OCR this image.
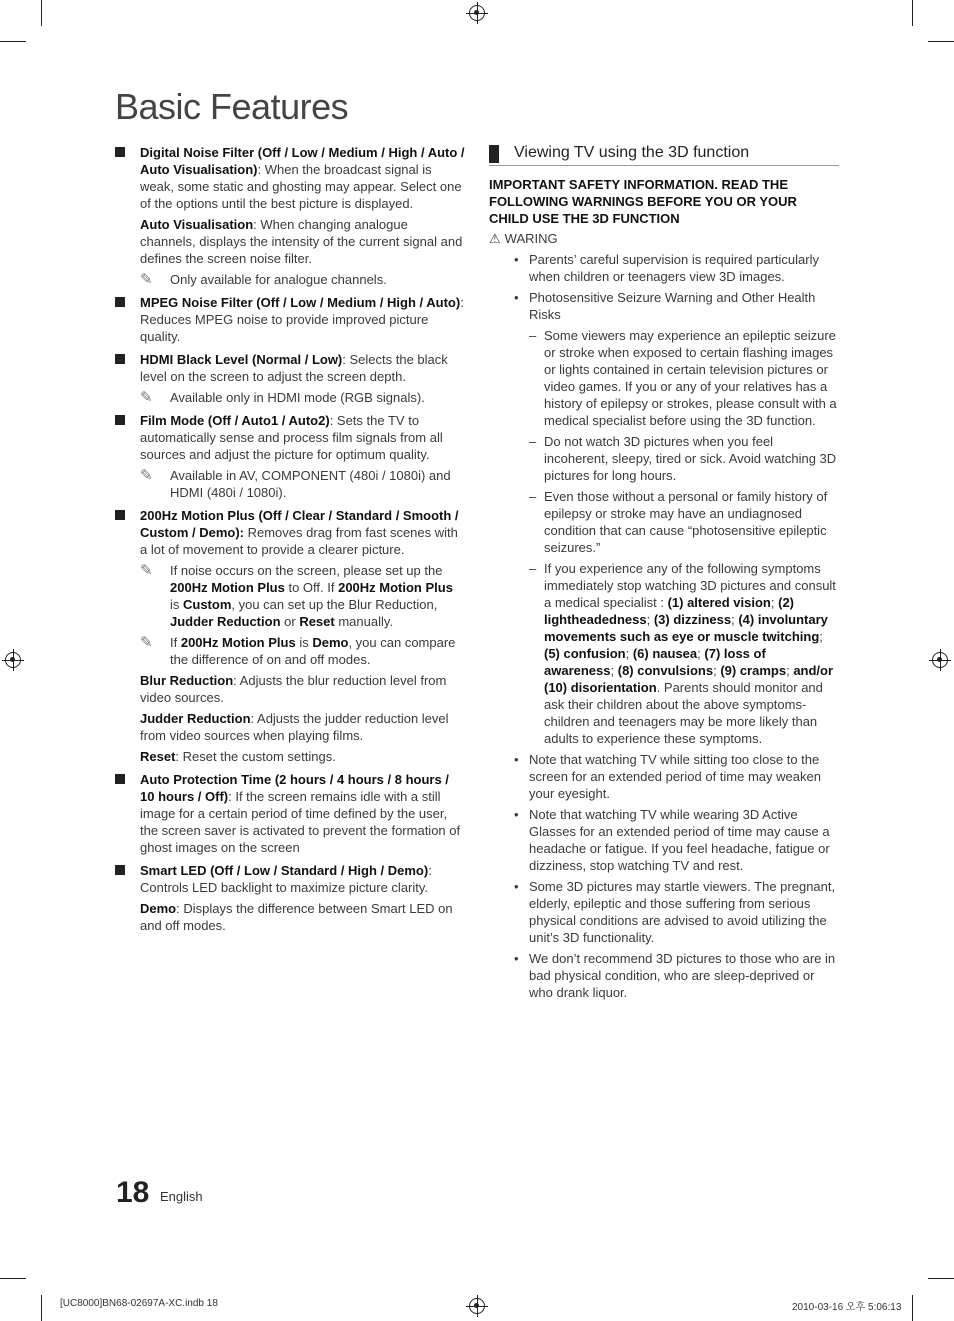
Basic Features

Digital Noise Filter (Off / Low / Medium / High / Auto / Auto Visualisation): When the broadcast signal is weak, some static and ghosting may appear. Select one of the options until the best picture is displayed.

Auto Visualisation: When changing analogue channels, displays the intensity of the current signal and defines the screen noise filter.

✎ Only available for analogue channels.

MPEG Noise Filter (Off / Low / Medium / High / Auto): Reduces MPEG noise to provide improved picture quality.

HDMI Black Level (Normal / Low): Selects the black level on the screen to adjust the screen depth.

✎ Available only in HDMI mode (RGB signals).

Film Mode (Off / Auto1 / Auto2): Sets the TV to automatically sense and process film signals from all sources and adjust the picture for optimum quality.

✎ Available in AV, COMPONENT (480i / 1080i) and HDMI (480i / 1080i).

200Hz Motion Plus (Off / Clear / Standard / Smooth / Custom / Demo): Removes drag from fast scenes with a lot of movement to provide a clearer picture.

✎ If noise occurs on the screen, please set up the 200Hz Motion Plus to Off. If 200Hz Motion Plus is Custom, you can set up the Blur Reduction, Judder Reduction or Reset manually.
✎ If 200Hz Motion Plus is Demo, you can compare the difference of on and off modes.

Blur Reduction: Adjusts the blur reduction level from video sources.

Judder Reduction: Adjusts the judder reduction level from video sources when playing films.

Reset: Reset the custom settings.

Auto Protection Time (2 hours / 4 hours / 8 hours / 10 hours / Off): If the screen remains idle with a still image for a certain period of time defined by the user, the screen saver is activated to prevent the formation of ghost images on the screen

Smart LED (Off / Low / Standard / High / Demo): Controls LED backlight to maximize picture clarity.

Demo: Displays the difference between Smart LED on and off modes.

Viewing TV using the 3D function

IMPORTANT SAFETY INFORMATION. READ THE FOLLOWING WARNINGS BEFORE YOU OR YOUR CHILD USE THE 3D FUNCTION

⚠ WARING

• Parents’ careful supervision is required particularly when children or teenagers view 3D images.
• Photosensitive Seizure Warning and Other Health Risks
– Some viewers may experience an epileptic seizure or stroke when exposed to certain flashing images or lights contained in certain television pictures or video games. If you or any of your relatives has a history of epilepsy or strokes, please consult with a medical specialist before using the 3D function.
– Do not watch 3D pictures when you feel incoherent, sleepy, tired or sick. Avoid watching 3D pictures for long hours.
– Even those without a personal or family history of epilepsy or stroke may have an undiagnosed condition that can cause “photosensitive epileptic seizures.”
– If you experience any of the following symptoms immediately stop watching 3D pictures and consult a medical specialist : (1) altered vision; (2) lightheadedness; (3) dizziness; (4) involuntary movements such as eye or muscle twitching; (5) confusion; (6) nausea; (7) loss of awareness; (8) convulsions; (9) cramps; and/or (10) disorientation. Parents should monitor and ask their children about the above symptoms-children and teenagers may be more likely than adults to experience these symptoms.
• Note that watching TV while sitting too close to the screen for an extended period of time may weaken your eyesight.
• Note that watching TV while wearing 3D Active Glasses for an extended period of time may cause a headache or fatigue. If you feel headache, fatigue or dizziness, stop watching TV and rest.
• Some 3D pictures may startle viewers. The pregnant, elderly, epileptic and those suffering from serious physical conditions are advised to avoid utilizing the unit’s 3D functionality.
• We don’t recommend 3D pictures to those who are in bad physical condition, who are sleep-deprived or who drank liquor.
18 English
[UC8000]BN68-02697A-XC.indb 18	2010-03-16 오후 5:06:13
